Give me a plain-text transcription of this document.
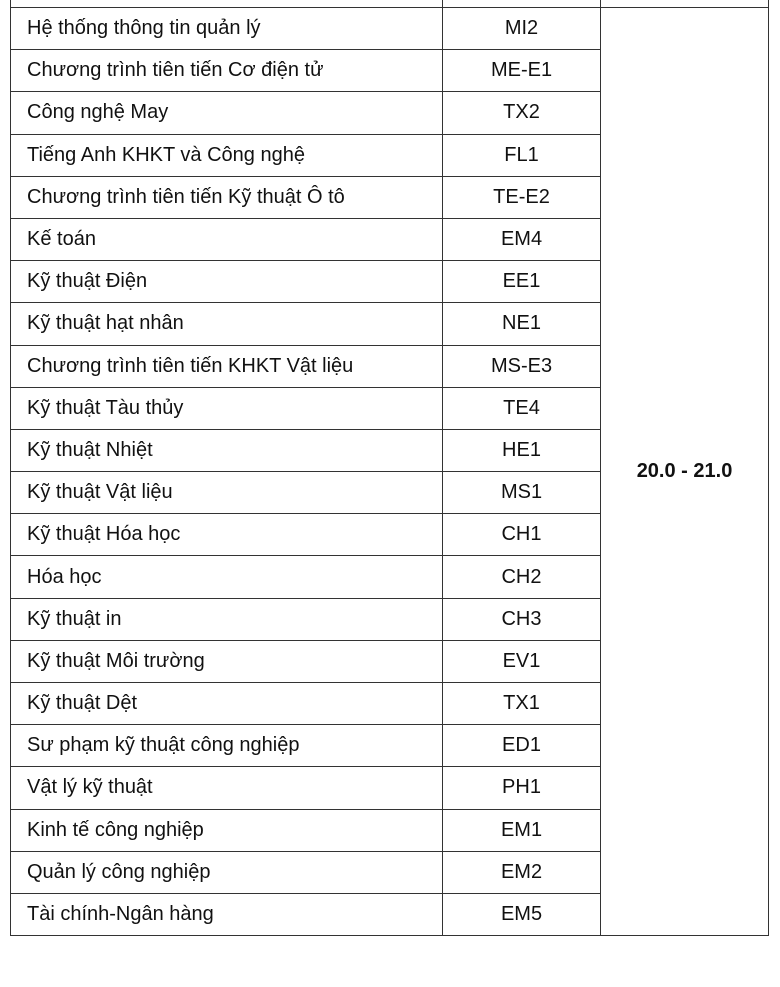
Hệ thống thông tin quản lý	MI2	20.0 - 21.0
Chương trình tiên tiến Cơ điện tử	ME-E1	
Công nghệ May	TX2	
Tiếng Anh KHKT và Công nghệ	FL1	
Chương trình tiên tiến Kỹ thuật Ô tô	TE-E2	
Kế toán	EM4	
Kỹ thuật Điện	EE1	
Kỹ thuật hạt nhân	NE1	
Chương trình tiên tiến KHKT Vật liệu	MS-E3	
Kỹ thuật Tàu thủy	TE4	
Kỹ thuật Nhiệt	HE1	
Kỹ thuật Vật liệu	MS1	
Kỹ thuật Hóa học	CH1	
Hóa học	CH2	
Kỹ thuật in	CH3	
Kỹ thuật Môi trường	EV1	
Kỹ thuật Dệt	TX1	
Sư phạm kỹ thuật công nghiệp	ED1	
Vật lý kỹ thuật	PH1	
Kinh tế công nghiệp	EM1	
Quản lý công nghiệp	EM2	
Tài chính-Ngân hàng	EM5	
